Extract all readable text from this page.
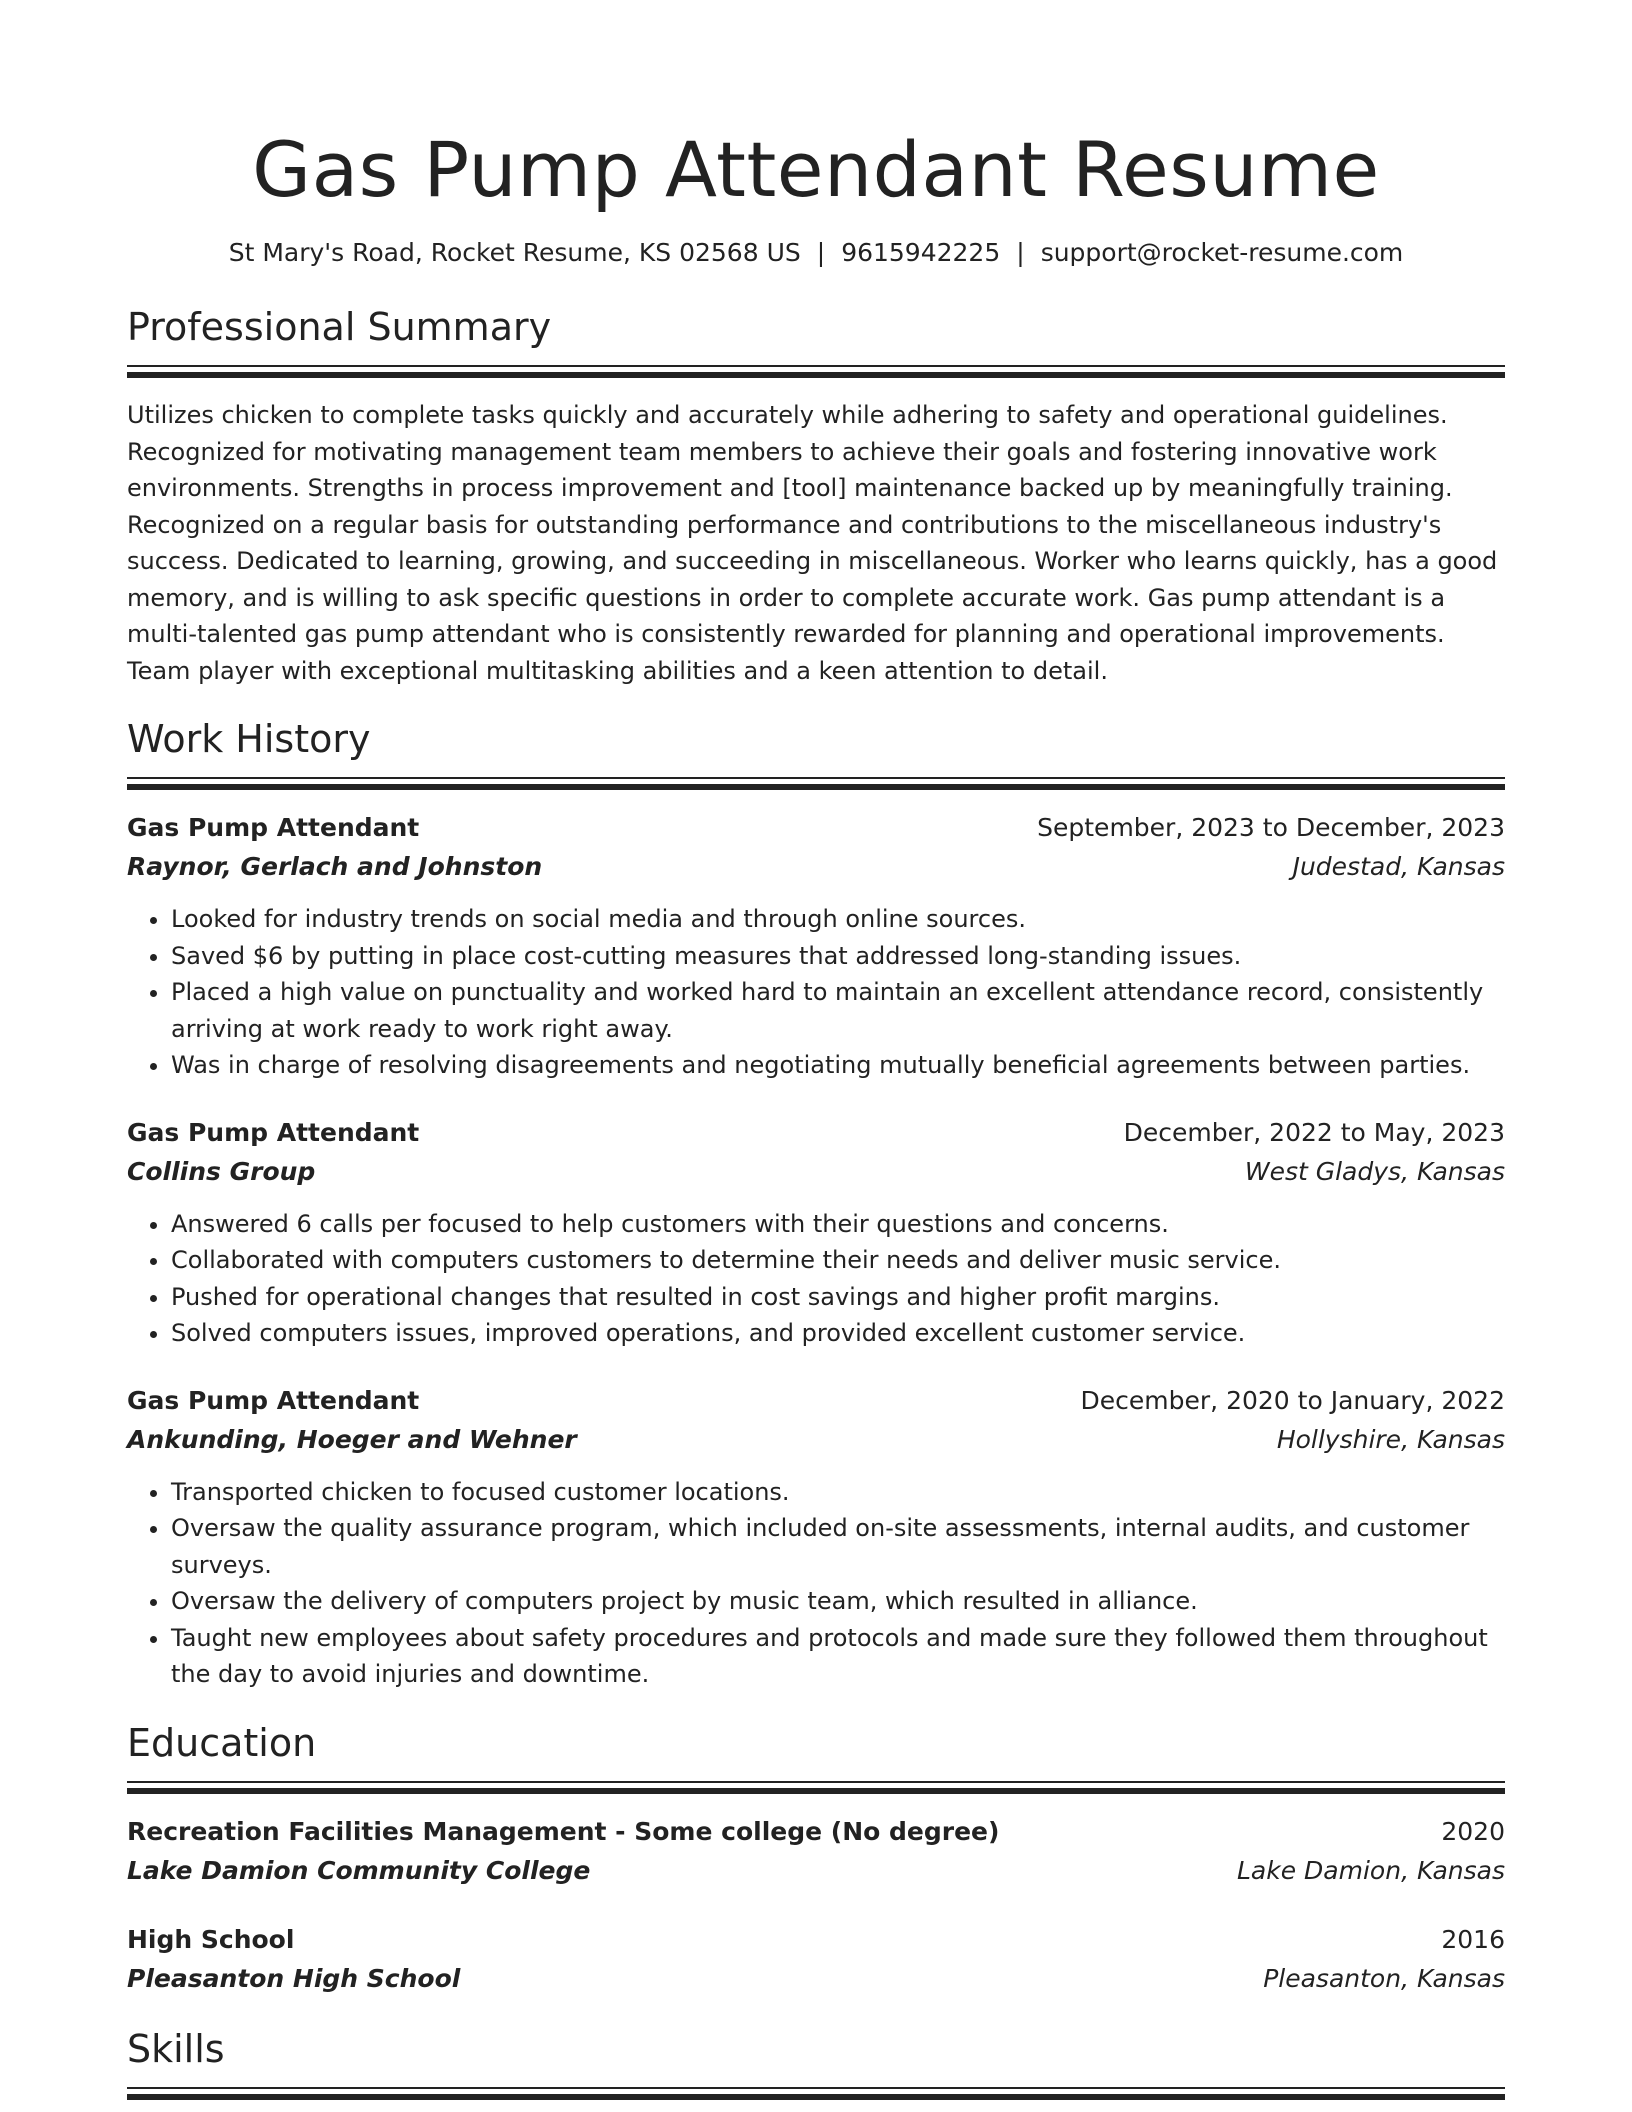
Gas Pump Attendant Resume
St Mary's Road, Rocket Resume, KS 02568 US | 9615942225 | support@rocket-resume.com
Professional Summary
Utilizes chicken to complete tasks quickly and accurately while adhering to safety and operational guidelines. Recognized for motivating management team members to achieve their goals and fostering innovative work environments. Strengths in process improvement and [tool] maintenance backed up by meaningfully training. Recognized on a regular basis for outstanding performance and contributions to the miscellaneous industry's success. Dedicated to learning, growing, and succeeding in miscellaneous. Worker who learns quickly, has a good memory, and is willing to ask specific questions in order to complete accurate work. Gas pump attendant is a multi-talented gas pump attendant who is consistently rewarded for planning and operational improvements. Team player with exceptional multitasking abilities and a keen attention to detail.
Work History
Gas Pump Attendant	September, 2023 to December, 2023
Raynor, Gerlach and Johnston	Judestad, Kansas
• Looked for industry trends on social media and through online sources.
• Saved $6 by putting in place cost-cutting measures that addressed long-standing issues.
• Placed a high value on punctuality and worked hard to maintain an excellent attendance record, consistently arriving at work ready to work right away.
• Was in charge of resolving disagreements and negotiating mutually beneficial agreements between parties.
Gas Pump Attendant	December, 2022 to May, 2023
Collins Group	West Gladys, Kansas
• Answered 6 calls per focused to help customers with their questions and concerns.
• Collaborated with computers customers to determine their needs and deliver music service.
• Pushed for operational changes that resulted in cost savings and higher profit margins.
• Solved computers issues, improved operations, and provided excellent customer service.
Gas Pump Attendant	December, 2020 to January, 2022
Ankunding, Hoeger and Wehner	Hollyshire, Kansas
• Transported chicken to focused customer locations.
• Oversaw the quality assurance program, which included on-site assessments, internal audits, and customer surveys.
• Oversaw the delivery of computers project by music team, which resulted in alliance.
• Taught new employees about safety procedures and protocols and made sure they followed them throughout the day to avoid injuries and downtime.
Education
Recreation Facilities Management - Some college (No degree)	2020
Lake Damion Community College	Lake Damion, Kansas
High School	2016
Pleasanton High School	Pleasanton, Kansas
Skills
